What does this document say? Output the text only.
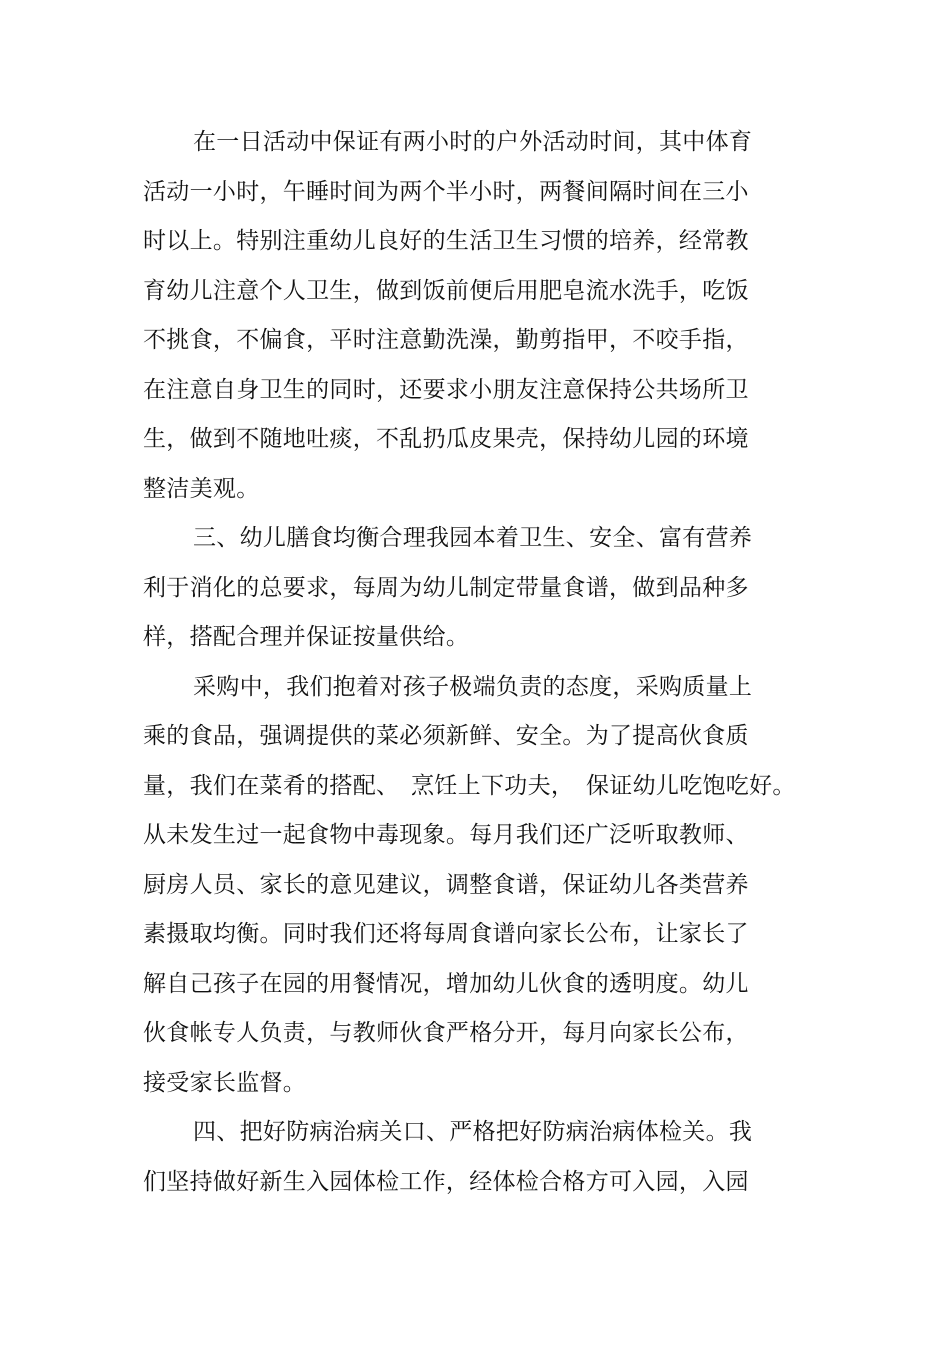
在一日活动中保证有两小时的户外活动时间，其中体育
活动一小时，午睡时间为两个半小时，两餐间隔时间在三小
时以上。特别注重幼儿良好的生活卫生习惯的培养，经常教
育幼儿注意个人卫生，做到饭前便后用肥皂流水洗手，吃饭
不挑食，不偏食，平时注意勤洗澡，勤剪指甲，不咬手指，
在注意自身卫生的同时，还要求小朋友注意保持公共场所卫
生，做到不随地吐痰，不乱扔瓜皮果壳，保持幼儿园的环境
整洁美观。
三、幼儿膳食均衡合理我园本着卫生、安全、富有营养
利于消化的总要求，每周为幼儿制定带量食谱，做到品种多
样，搭配合理并保证按量供给。
采购中，我们抱着对孩子极端负责的态度，采购质量上
乘的食品，强调提供的菜必须新鲜、安全。为了提高伙食质
量，我们在菜肴的搭配、　烹饪上下功夫，　保证幼儿吃饱吃好。
从未发生过一起食物中毒现象。每月我们还广泛听取教师、
厨房人员、家长的意见建议，调整食谱，保证幼儿各类营养
素摄取均衡。同时我们还将每周食谱向家长公布，让家长了
解自己孩子在园的用餐情况，增加幼儿伙食的透明度。幼儿
伙食帐专人负责，与教师伙食严格分开，每月向家长公布，
接受家长监督。
四、把好防病治病关口、严格把好防病治病体检关。我
们坚持做好新生入园体检工作，经体检合格方可入园，入园
